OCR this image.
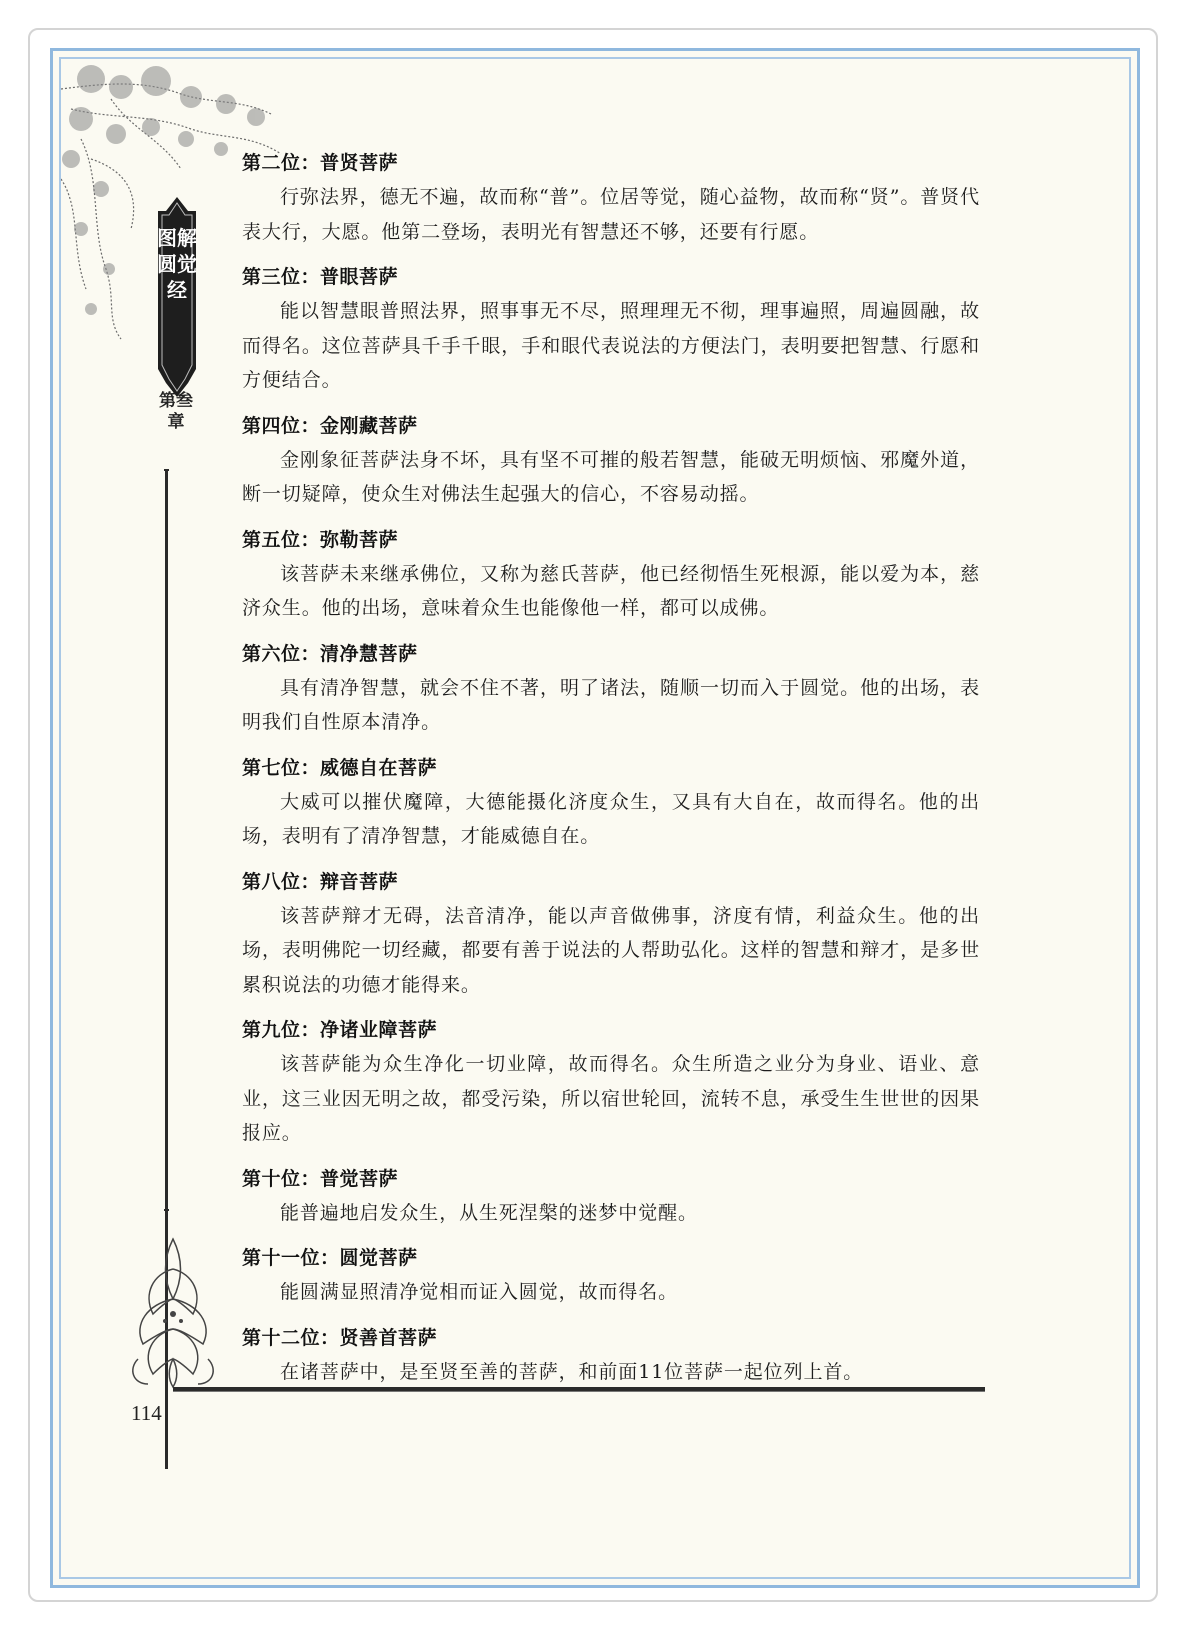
图解圆觉经
第叁章
114
第二位：普贤菩萨
行弥法界，德无不遍，故而称“普”。位居等觉，随心益物，故而称“贤”。普贤代表大行，大愿。他第二登场，表明光有智慧还不够，还要有行愿。
第三位：普眼菩萨
能以智慧眼普照法界，照事事无不尽，照理理无不彻，理事遍照，周遍圆融，故而得名。这位菩萨具千手千眼，手和眼代表说法的方便法门，表明要把智慧、行愿和方便结合。
第四位：金刚藏菩萨
金刚象征菩萨法身不坏，具有坚不可摧的般若智慧，能破无明烦恼、邪魔外道，断一切疑障，使众生对佛法生起强大的信心，不容易动摇。
第五位：弥勒菩萨
该菩萨未来继承佛位，又称为慈氏菩萨，他已经彻悟生死根源，能以爱为本，慈济众生。他的出场，意味着众生也能像他一样，都可以成佛。
第六位：清净慧菩萨
具有清净智慧，就会不住不著，明了诸法，随顺一切而入于圆觉。他的出场，表明我们自性原本清净。
第七位：威德自在菩萨
大威可以摧伏魔障，大德能摄化济度众生，又具有大自在，故而得名。他的出场，表明有了清净智慧，才能威德自在。
第八位：辩音菩萨
该菩萨辩才无碍，法音清净，能以声音做佛事，济度有情，利益众生。他的出场，表明佛陀一切经藏，都要有善于说法的人帮助弘化。这样的智慧和辩才，是多世累积说法的功德才能得来。
第九位：净诸业障菩萨
该菩萨能为众生净化一切业障，故而得名。众生所造之业分为身业、语业、意业，这三业因无明之故，都受污染，所以宿世轮回，流转不息，承受生生世世的因果报应。
第十位：普觉菩萨
能普遍地启发众生，从生死涅槃的迷梦中觉醒。
第十一位：圆觉菩萨
能圆满显照清净觉相而证入圆觉，故而得名。
第十二位：贤善首菩萨
在诸菩萨中，是至贤至善的菩萨，和前面11位菩萨一起位列上首。
